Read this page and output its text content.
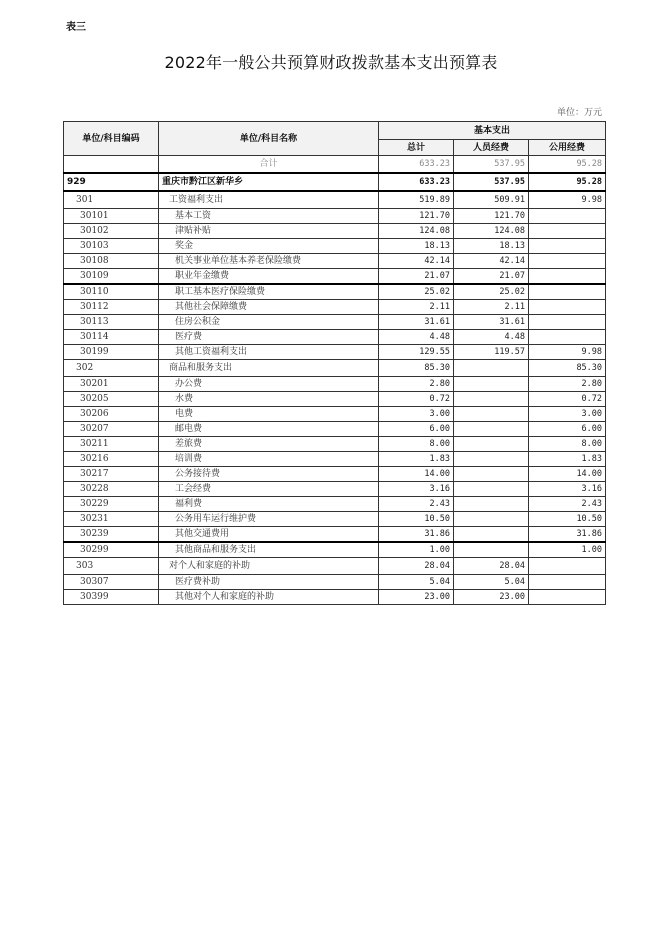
表三
2022年一般公共预算财政拨款基本支出预算表
单位：万元
单位/科目编码	单位/科目名称	基本支出		
		总计	人员经费	公用经费
	合计	633.23	537.95	95.28
929	重庆市黔江区新华乡	633.23	537.95	95.28
301	工资福利支出	519.89	509.91	9.98
30101	基本工资	121.70	121.70	
30102	津贴补贴	124.08	124.08	
30103	奖金	18.13	18.13	
30108	机关事业单位基本养老保险缴费	42.14	42.14	
30109	职业年金缴费	21.07	21.07	
30110	职工基本医疗保险缴费	25.02	25.02	
30112	其他社会保障缴费	2.11	2.11	
30113	住房公积金	31.61	31.61	
30114	医疗费	4.48	4.48	
30199	其他工资福利支出	129.55	119.57	9.98
302	商品和服务支出	85.30		85.30
30201	办公费	2.80		2.80
30205	水费	0.72		0.72
30206	电费	3.00		3.00
30207	邮电费	6.00		6.00
30211	差旅费	8.00		8.00
30216	培训费	1.83		1.83
30217	公务接待费	14.00		14.00
30228	工会经费	3.16		3.16
30229	福利费	2.43		2.43
30231	公务用车运行维护费	10.50		10.50
30239	其他交通费用	31.86		31.86
30299	其他商品和服务支出	1.00		1.00
303	对个人和家庭的补助	28.04	28.04	
30307	医疗费补助	5.04	5.04	
30399	其他对个人和家庭的补助	23.00	23.00	
